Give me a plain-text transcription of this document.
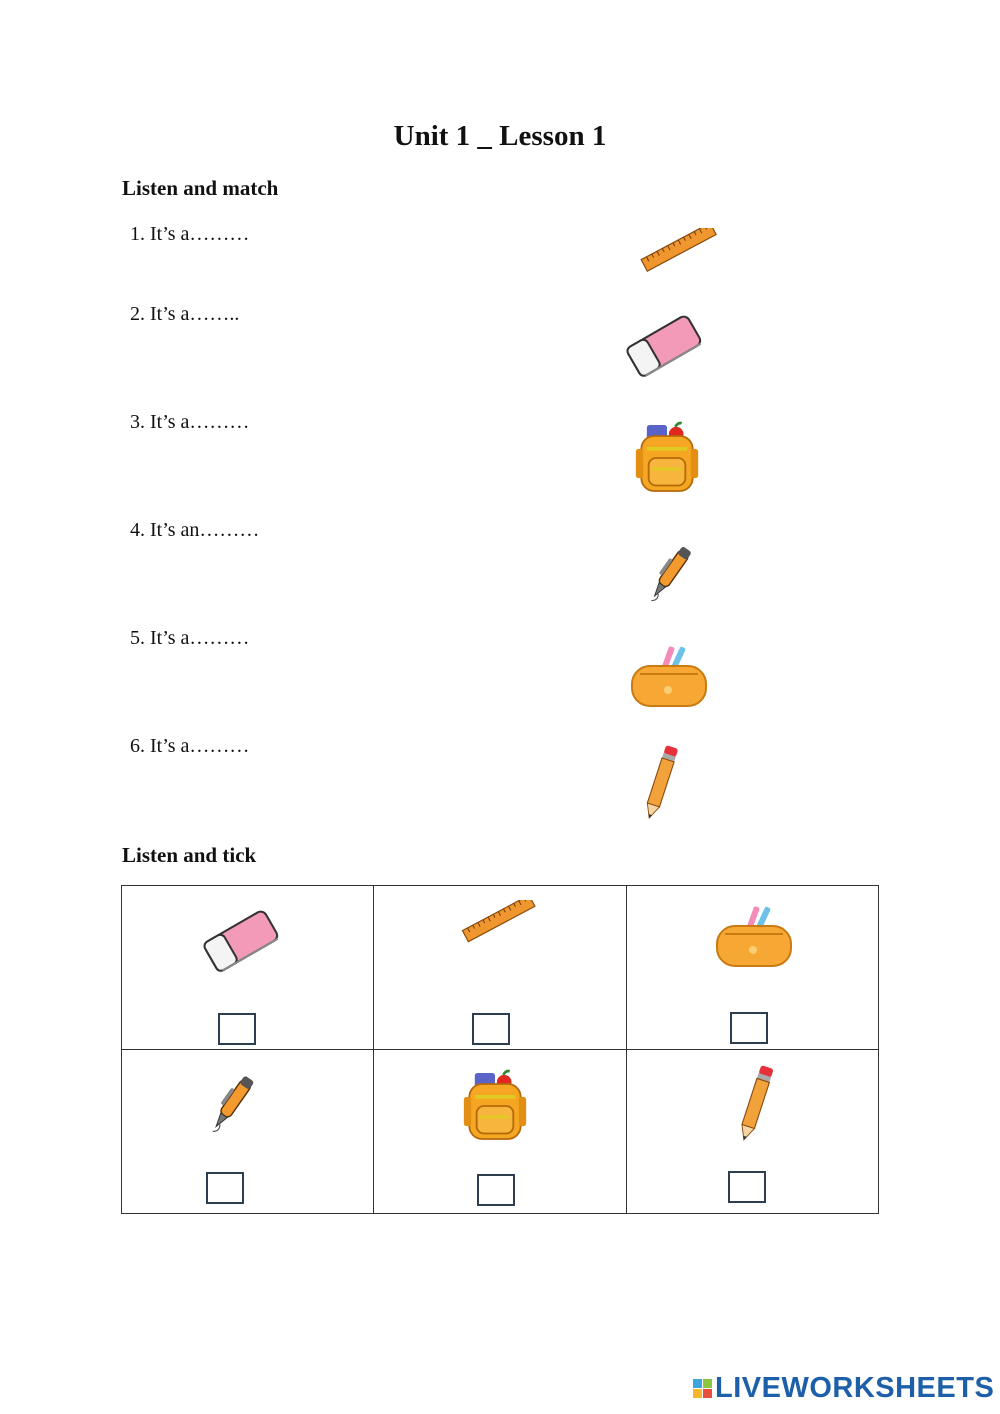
Unit 1 _ Lesson 1
Listen and match
1. It’s a………
2. It’s a……..
3. It’s a………
4. It’s an………
5. It’s a………
6. It’s a………
Listen and tick

LIVEWORKSHEETS
